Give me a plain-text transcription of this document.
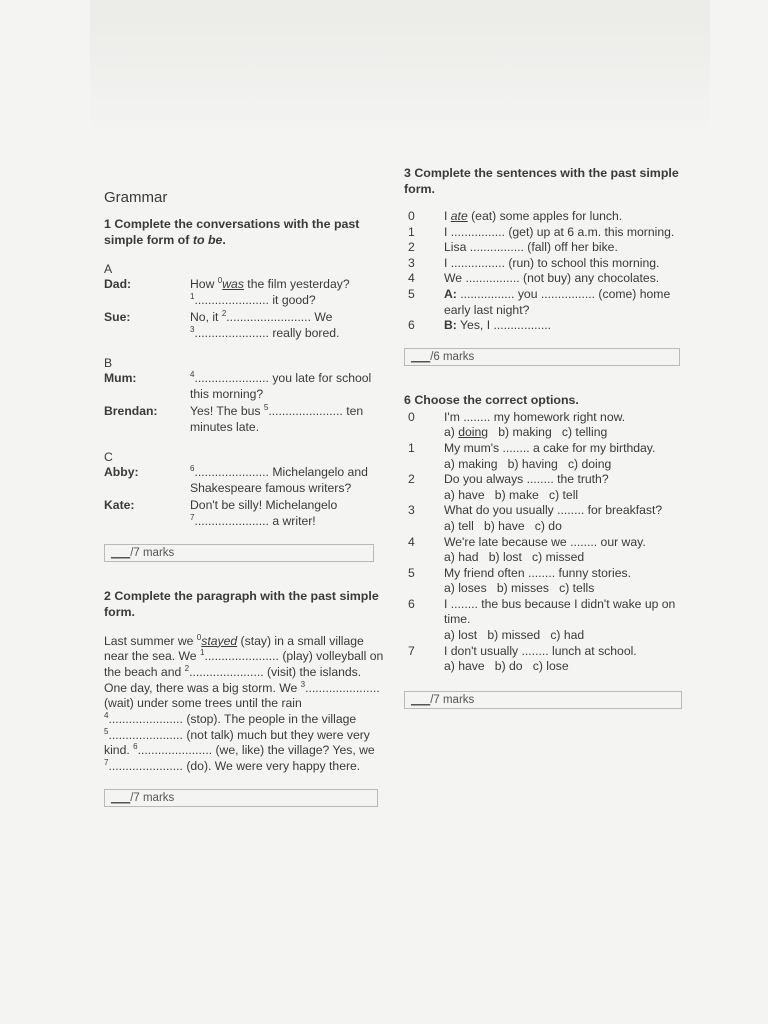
Grammar

1 Complete the conversations with the past simple form of to be.

A
Dad:	How $^0$was the film yesterday? $^1$...................... it good?
Sue:	No, it $^2$......................... We $^3$...................... really bored.
B
Mum:	$^4$...................... you late for school this morning?
Brendan:	Yes! The bus $^5$...................... ten minutes late.
C
Abby:	$^6$...................... Michelangelo and Shakespeare famous writers?
Kate:	Don't be silly! Michelangelo $^7$...................... a writer!
___/7 marks

2 Complete the paragraph with the past simple form.

Last summer we $^0$stayed (stay) in a small village near the sea. We $^1$...................... (play) volleyball on the beach and $^2$...................... (visit) the islands. One day, there was a big storm. We $^3$...................... (wait) under some trees until the rain $^4$...................... (stop). The people in the village $^5$...................... (not talk) much but they were very kind. $^6$...................... (we, like) the village? Yes, we $^7$...................... (do). We were very happy there.

___/7 marks

3 Complete the sentences with the past simple form.

0	I ate (eat) some apples for lunch.
1	I ................ (get) up at 6 a.m. this morning.
2	Lisa ................ (fall) off her bike.
3	I ................ (run) to school this morning.
4	We ................ (not buy) any chocolates.
5	A: ................ you ................ (come) home early last night?
6	B: Yes, I .................
___/6 marks

6 Choose the correct options.

0	I'm ........ my homework right now.
a) doing   b) making   c) telling
1	My mum's ........ a cake for my birthday.
a) making   b) having   c) doing
2	Do you always ........ the truth?
a) have   b) make   c) tell
3	What do you usually ........ for breakfast?
a) tell   b) have   c) do
4	We're late because we ........ our way.
a) had   b) lost   c) missed
5	My friend often ........ funny stories.
a) loses   b) misses   c) tells
6	I ........ the bus because I didn't wake up on time.
a) lost   b) missed   c) had
7	I don't usually ........ lunch at school.
a) have   b) do   c) lose
___/7 marks
